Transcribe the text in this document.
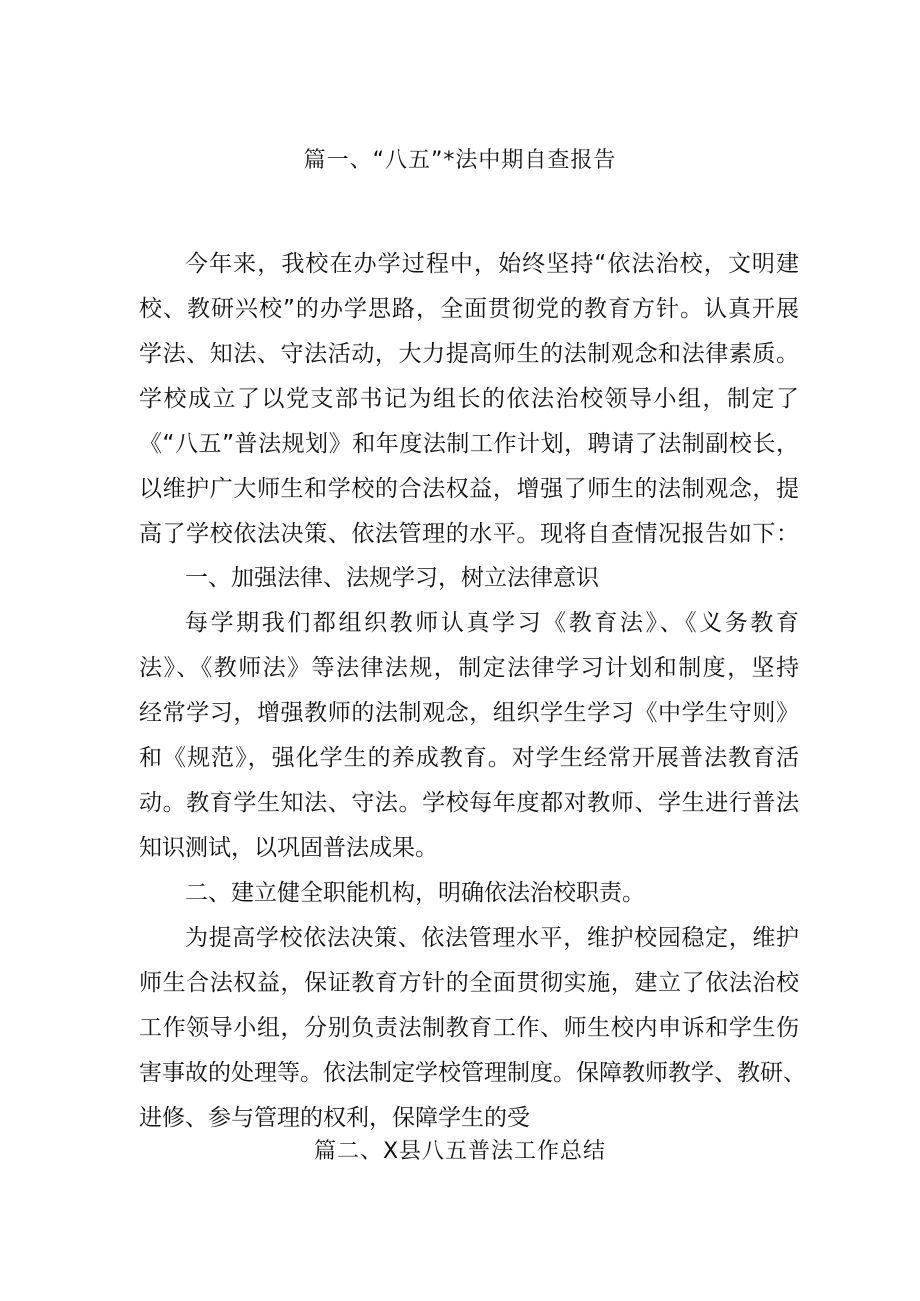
篇一、“八五”*法中期自查报告
今年来，我校在办学过程中，始终坚持“依法治校，文明建
校、教研兴校”的办学思路，全面贯彻党的教育方针。认真开展
学法、知法、守法活动，大力提高师生的法制观念和法律素质。
学校成立了以党支部书记为组长的依法治校领导小组，制定了
《“八五”普法规划》和年度法制工作计划，聘请了法制副校长，
以维护广大师生和学校的合法权益，增强了师生的法制观念，提
高了学校依法决策、依法管理的水平。现将自查情况报告如下：
一、加强法律、法规学习，树立法律意识
每学期我们都组织教师认真学习《教育法》、《义务教育
法》、《教师法》等法律法规，制定法律学习计划和制度，坚持
经常学习，增强教师的法制观念，组织学生学习《中学生守则》
和《规范》，强化学生的养成教育。对学生经常开展普法教育活
动。教育学生知法、守法。学校每年度都对教师、学生进行普法
知识测试，以巩固普法成果。
二、建立健全职能机构，明确依法治校职责。
为提高学校依法决策、依法管理水平，维护校园稳定，维护
师生合法权益，保证教育方针的全面贯彻实施，建立了依法治校
工作领导小组，分别负责法制教育工作、师生校内申诉和学生伤
害事故的处理等。依法制定学校管理制度。保障教师教学、教研、
进修、参与管理的权利，保障学生的受
篇二、X县八五普法工作总结
